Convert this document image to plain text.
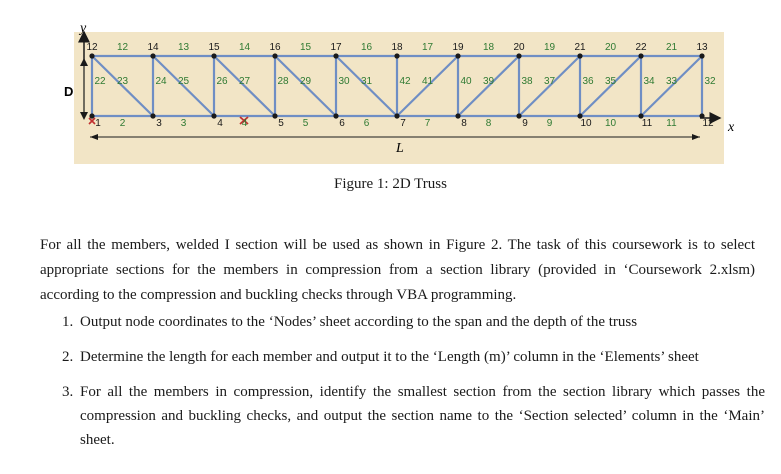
12 12 14 13 15 14 16 15 17 16 18 17 19 18 20 19 21 20 22 21 13
22 23	24 25	26 27	28 29	30 31	42 41	40 39	38 37	36 35	34 33	32
1 2	3 3	4 4	5 5	6 6	7 7	8 8	9 9	10 10	11 11	12
y
D
x
L
Figure 1: 2D Truss

For all the members, welded I section will be used as shown in Figure 2. The task of this coursework is to select appropriate sections for the members in compression from a section library (provided in ‘Coursework 2.xlsm) according to the compression and buckling checks through VBA programming.

1. Output node coordinates to the ‘Nodes’ sheet according to the span and the depth of the truss
2. Determine the length for each member and output it to the ‘Length (m)’ column in the ‘Elements’ sheet
3. For all the members in compression, identify the smallest section from the section library which passes the compression and buckling checks, and output the section name to the ‘Section selected’ column in the ‘Main’ sheet.
